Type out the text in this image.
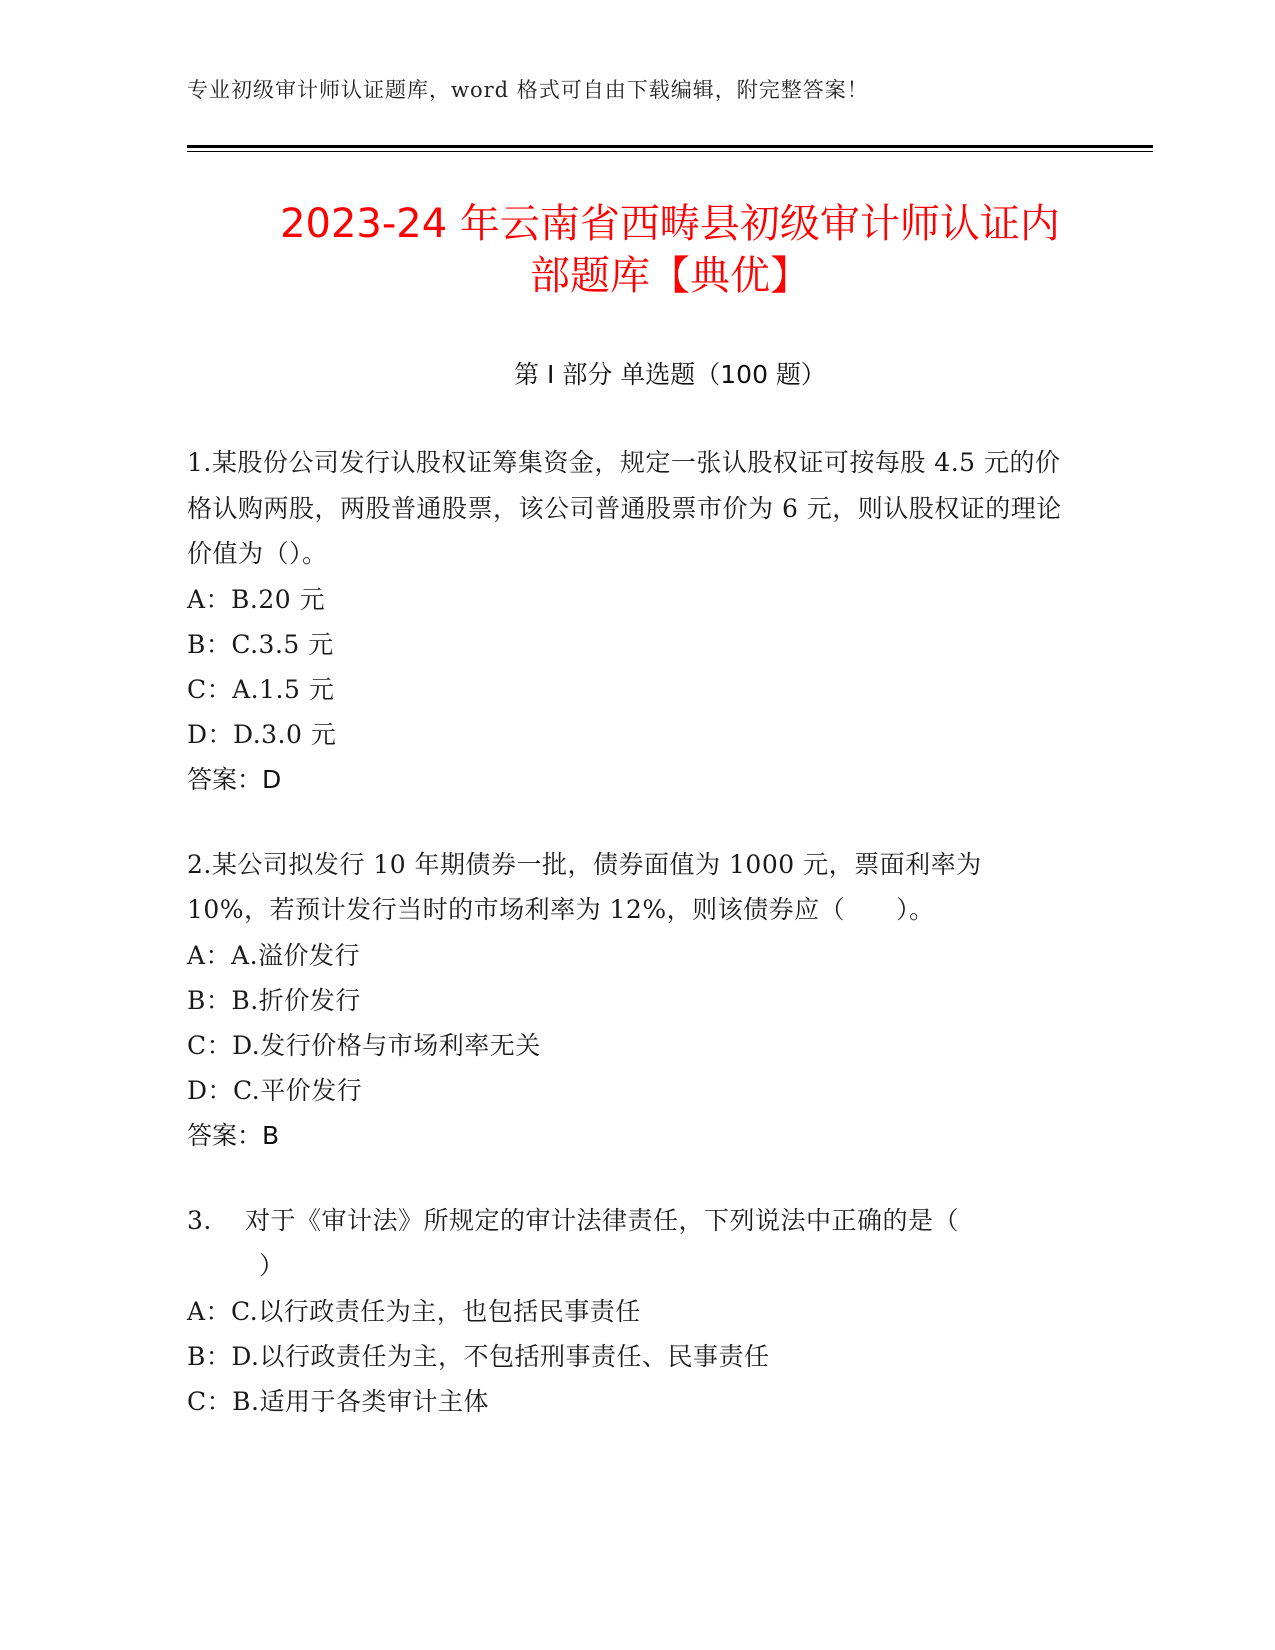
专业初级审计师认证题库，word 格式可自由下载编辑，附完整答案！
2023-24 年云南省西畴县初级审计师认证内
部题库【典优】
第 I 部分 单选题（100 题）

1.某股份公司发行认股权证筹集资金，规定一张认股权证可按每股 4.5 元的价格认购两股，两股普通股票，该公司普通股票市价为 6 元，则认股权证的理论价值为（）。

A：B.20 元
B：C.3.5 元
C：A.1.5 元
D：D.3.0 元
答案：D

2.某公司拟发行 10 年期债券一批，债券面值为 1000 元，票面利率为 10%，若预计发行当时的市场利率为 12%，则该债券应（　　）。

A：A.溢价发行
B：B.折价发行
C：D.发行价格与市场利率无关
D：C.平价发行
答案：B
3.	对于《审计法》所规定的审计法律责任，下列说法中正确的是（
）
A：C.以行政责任为主，也包括民事责任
B：D.以行政责任为主，不包括刑事责任、民事责任
C：B.适用于各类审计主体
